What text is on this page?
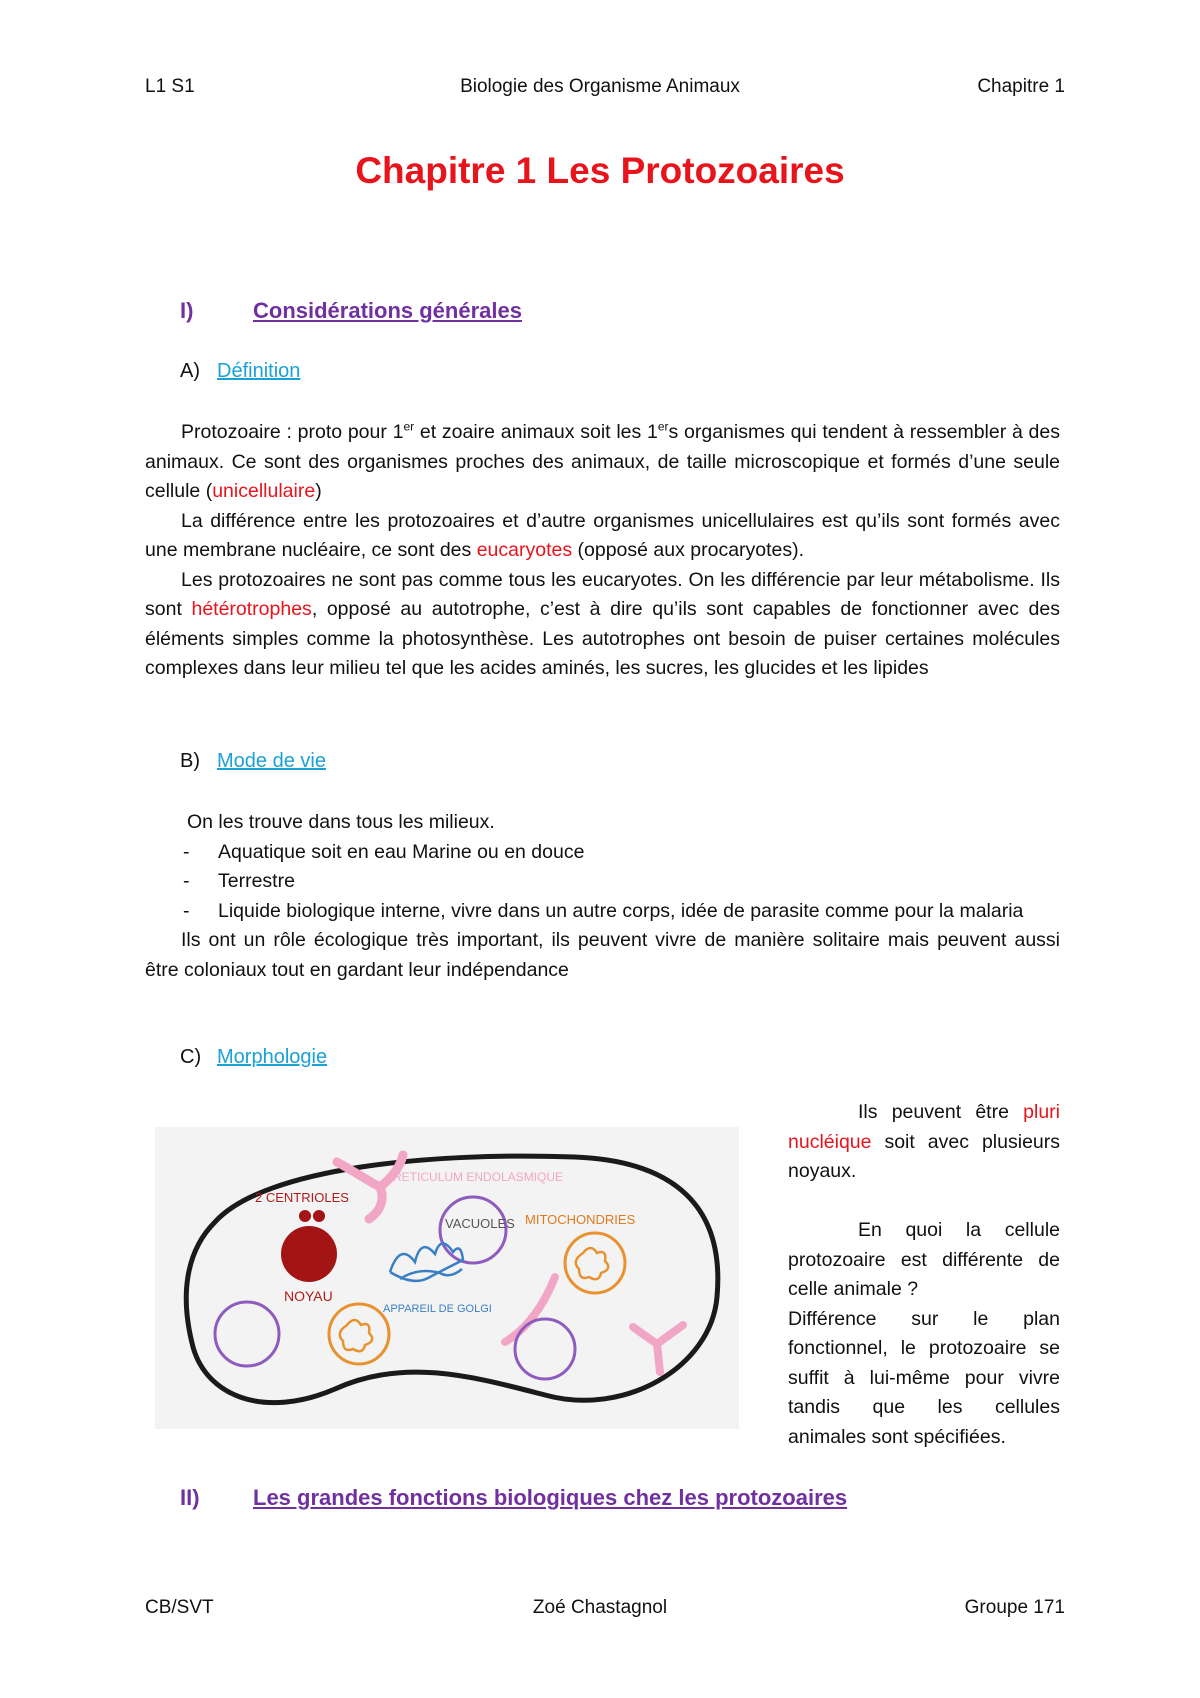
L1 S1	Biologie des Organisme Animaux	Chapitre 1
Chapitre 1 Les Protozoaires
I)	Considérations générales
A) Définition

Protozoaire : proto pour 1er et zoaire animaux soit les 1ers organismes qui tendent à ressembler à des animaux. Ce sont des organismes proches des animaux, de taille microscopique et formés d’une seule cellule (unicellulaire)

La différence entre les protozoaires et d’autre organismes unicellulaires est qu’ils sont formés avec une membrane nucléaire, ce sont des eucaryotes (opposé aux procaryotes).

Les protozoaires ne sont pas comme tous les eucaryotes. On les différencie par leur métabolisme. Ils sont hétérotrophes, opposé au autotrophe, c’est à dire qu’ils sont capables de fonctionner avec des éléments simples comme la photosynthèse. Les autotrophes ont besoin de puiser certaines molécules complexes dans leur milieu tel que les acides aminés, les sucres, les glucides et les lipides

B) Mode de vie
On les trouve dans tous les milieux.
-	Aquatique soit en eau Marine ou en douce
-	Terrestre
-	Liquide biologique interne, vivre dans un autre corps, idée de parasite comme pour la malaria
Ils ont un rôle écologique très important, ils peuvent vivre de manière solitaire mais peuvent aussi être coloniaux tout en gardant leur indépendance
C) Morphologie
RETICULUM ENDOLASMIQUE
2 CENTRIOLES
NOYAU
VACUOLES MITOCHONDRIES
APPAREIL DE GOLGI

Ils peuvent être pluri nucléique soit avec plusieurs noyaux.

En quoi la cellule protozoaire est différente de celle animale ?

Différence sur le plan fonctionnel, le protozoaire se suffit à lui-même pour vivre tandis que les cellules animales sont spécifiées.

II) Les grandes fonctions biologiques chez les protozoaires
CB/SVT	Zoé Chastagnol	Groupe 171
